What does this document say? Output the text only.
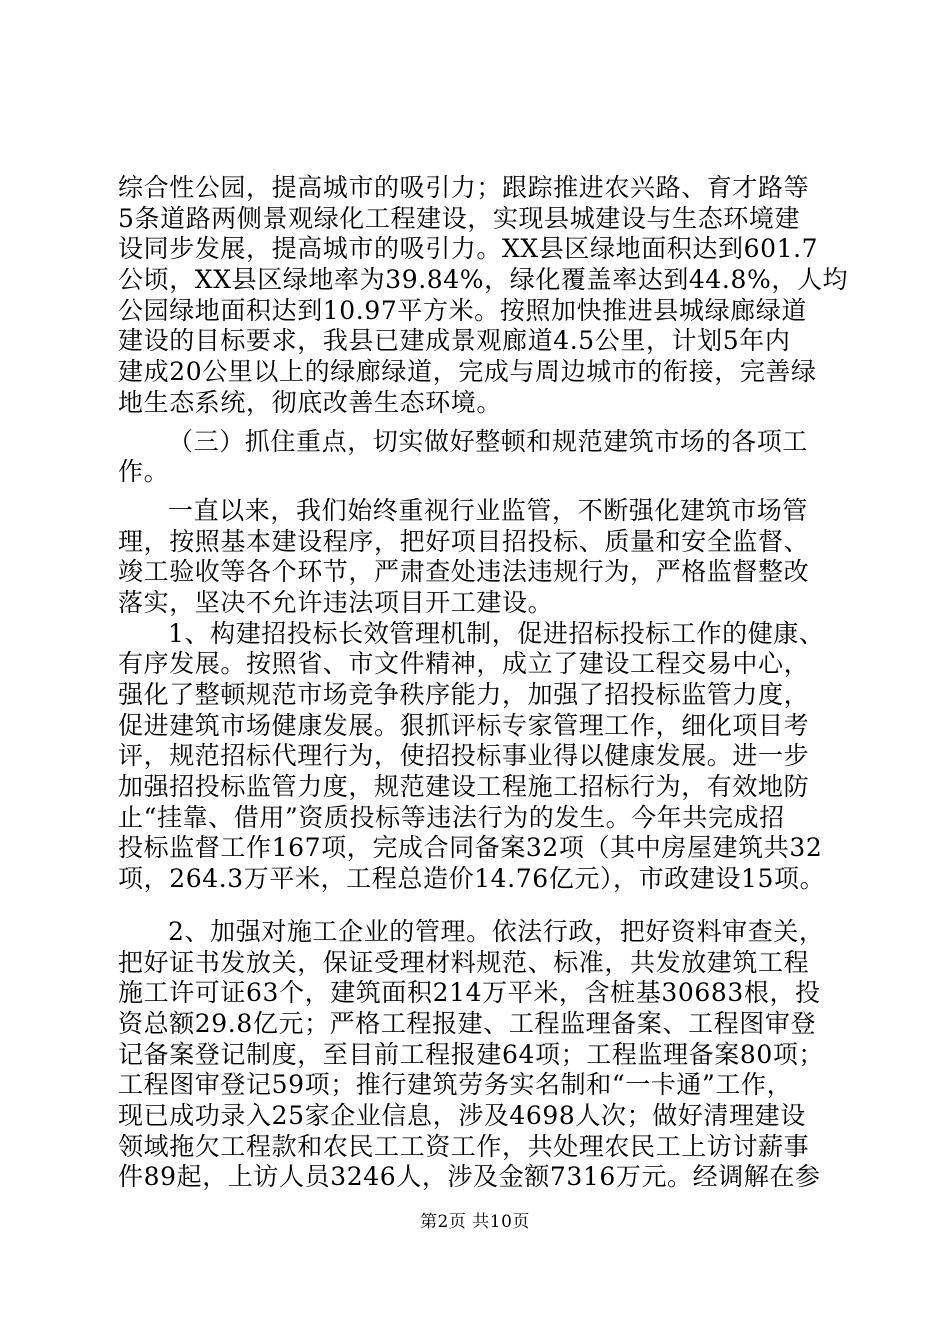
综合性公园，提高城市的吸引力；跟踪推进农兴路、育才路等
5条道路两侧景观绿化工程建设，实现县城建设与生态环境建
设同步发展，提高城市的吸引力。XX县区绿地面积达到601.7
公顷，XX县区绿地率为39.84%，绿化覆盖率达到44.8%，人均
公园绿地面积达到10.97平方米。按照加快推进县城绿廊绿道
建设的目标要求，我县已建成景观廊道4.5公里，计划5年内
建成20公里以上的绿廊绿道，完成与周边城市的衔接，完善绿
地生态系统，彻底改善生态环境。
（三）抓住重点，切实做好整顿和规范建筑市场的各项工
作。
一直以来，我们始终重视行业监管，不断强化建筑市场管
理，按照基本建设程序，把好项目招投标、质量和安全监督、
竣工验收等各个环节，严肃查处违法违规行为，严格监督整改
落实，坚决不允许违法项目开工建设。
1、构建招投标长效管理机制，促进招标投标工作的健康、
有序发展。按照省、市文件精神，成立了建设工程交易中心，
强化了整顿规范市场竞争秩序能力，加强了招投标监管力度，
促进建筑市场健康发展。狠抓评标专家管理工作，细化项目考
评，规范招标代理行为，使招投标事业得以健康发展。进一步
加强招投标监管力度，规范建设工程施工招标行为，有效地防
止“挂靠、借用”资质投标等违法行为的发生。今年共完成招
投标监督工作167项，完成合同备案32项（其中房屋建筑共32
项，264.3万平米，工程总造价14.76亿元），市政建设15项。
2、加强对施工企业的管理。依法行政，把好资料审查关，
把好证书发放关，保证受理材料规范、标准，共发放建筑工程
施工许可证63个，建筑面积214万平米，含桩基30683根，投
资总额29.8亿元；严格工程报建、工程监理备案、工程图审登
记备案登记制度，至目前工程报建64项；工程监理备案80项；
工程图审登记59项；推行建筑劳务实名制和“一卡通”工作，
现已成功录入25家企业信息，涉及4698人次；做好清理建设
领域拖欠工程款和农民工工资工作，共处理农民工上访讨薪事
件89起，上访人员3246人，涉及金额7316万元。经调解在参
第2页 共10页
